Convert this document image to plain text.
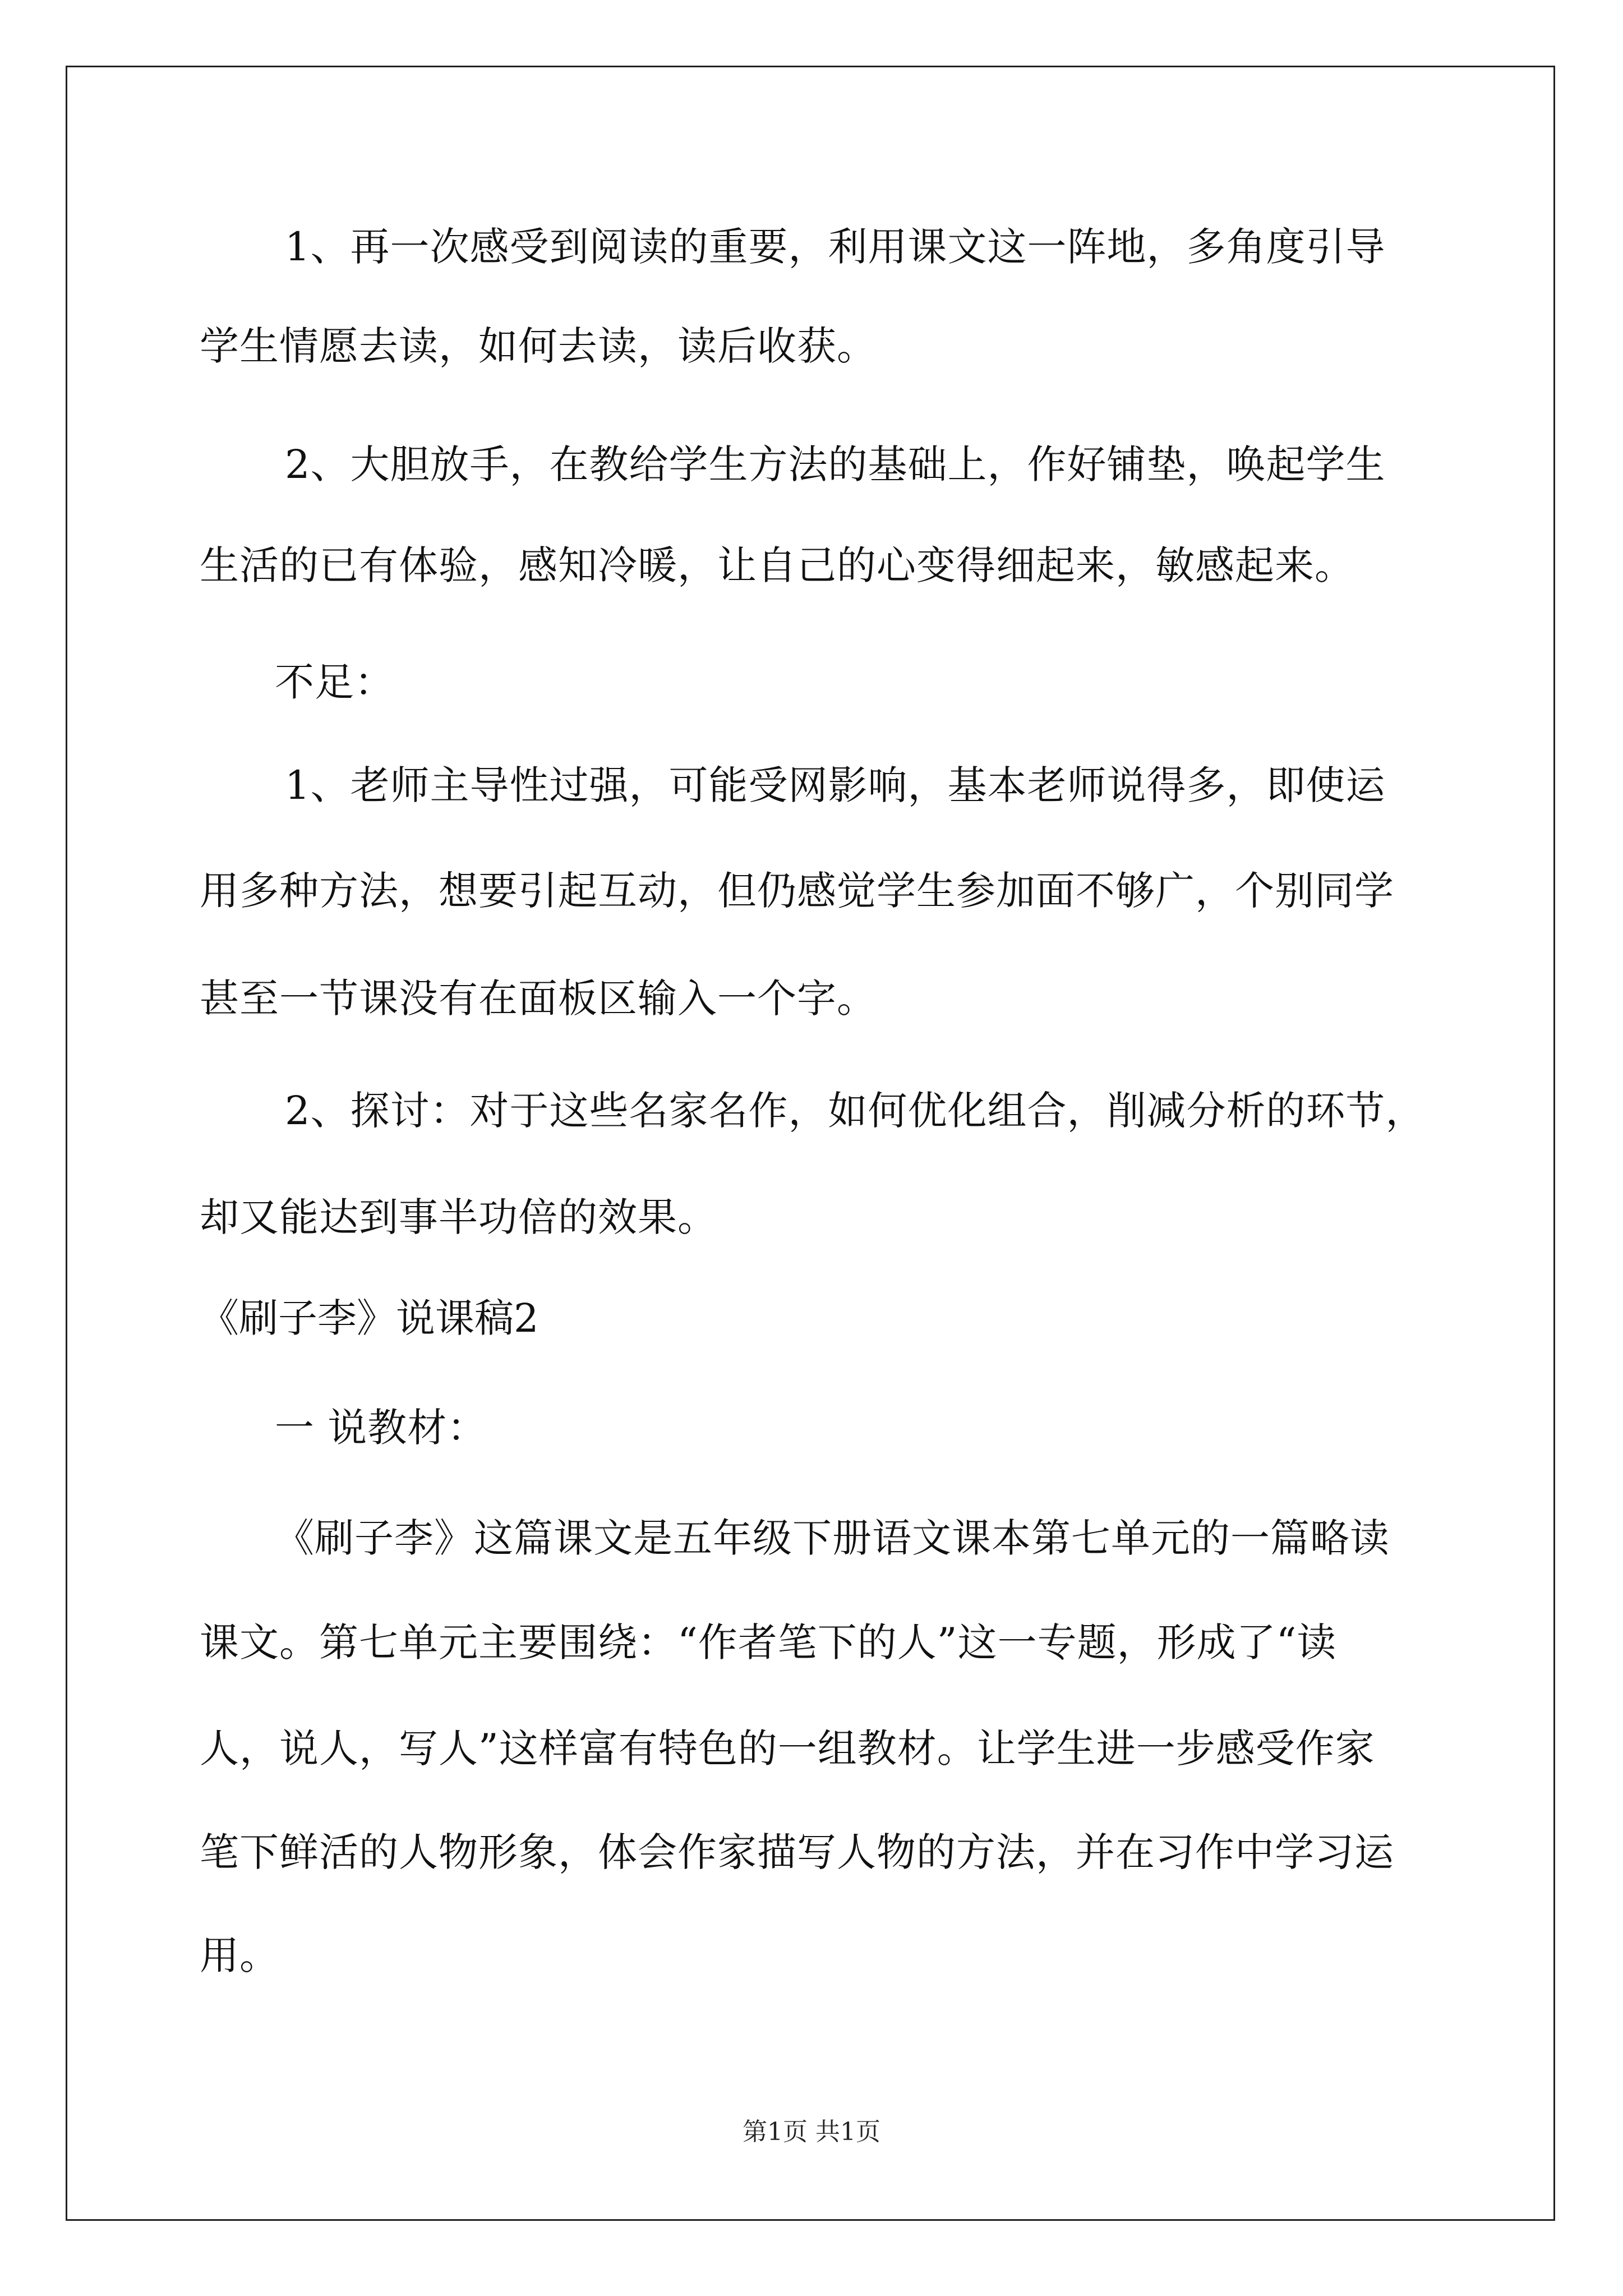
1、再一次感受到阅读的重要，利用课文这一阵地，多角度引导
学生情愿去读，如何去读，读后收获。
2、大胆放手，在教给学生方法的基础上，作好铺垫，唤起学生
生活的已有体验，感知冷暖，让自己的心变得细起来，敏感起来。
不足：
1、老师主导性过强，可能受网影响，基本老师说得多，即使运
用多种方法，想要引起互动，但仍感觉学生参加面不够广，个别同学
甚至一节课没有在面板区输入一个字。
2、探讨：对于这些名家名作，如何优化组合，削减分析的环节，
却又能达到事半功倍的效果。
《刷子李》说课稿2
一 说教材：
《刷子李》这篇课文是五年级下册语文课本第七单元的一篇略读
课文。第七单元主要围绕：“作者笔下的人”这一专题，形成了“读
人，说人，写人”这样富有特色的一组教材。让学生进一步感受作家
笔下鲜活的人物形象，体会作家描写人物的方法，并在习作中学习运
用。
第1页 共1页
